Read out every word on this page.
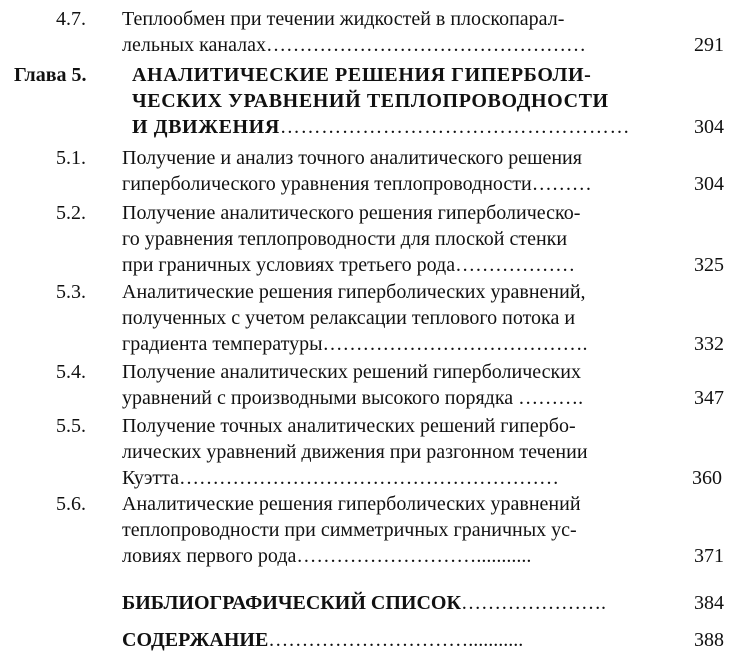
4.7. Теплообмен при течении жидкостей в плоскопарал-
лельных каналах…………………………………………	291
Глава 5. АНАЛИТИЧЕСКИЕ РЕШЕНИЯ ГИПЕРБОЛИ-
ЧЕСКИХ УРАВНЕНИЙ ТЕПЛОПРОВОДНОСТИ
И ДВИЖЕНИЯ……………………………………………	304
5.1. Получение и анализ точного аналитического решения
гиперболического уравнения теплопроводности………	304
5.2. Получение аналитического решения гиперболическо-
го уравнения теплопроводности для плоской стенки
при граничных условиях третьего рода………………	325
5.3. Аналитические решения гиперболических уравнений,
полученных с учетом релаксации теплового потока и
градиента температуры………………………………….	332
5.4. Получение аналитических решений гиперболических
уравнений с производными высокого порядка ……….	347
5.5. Получение точных аналитических решений гипербо-
лических уравнений движения при разгонном течении
Куэтта…………………………………………………	360
5.6. Аналитические решения гиперболических уравнений
теплопроводности при симметричных граничных ус-
ловиях первого рода………………………...........	371
БИБЛИОГРАФИЧЕСКИЙ СПИСОК………………….	384
СОДЕРЖАНИЕ…………………………...........	388
